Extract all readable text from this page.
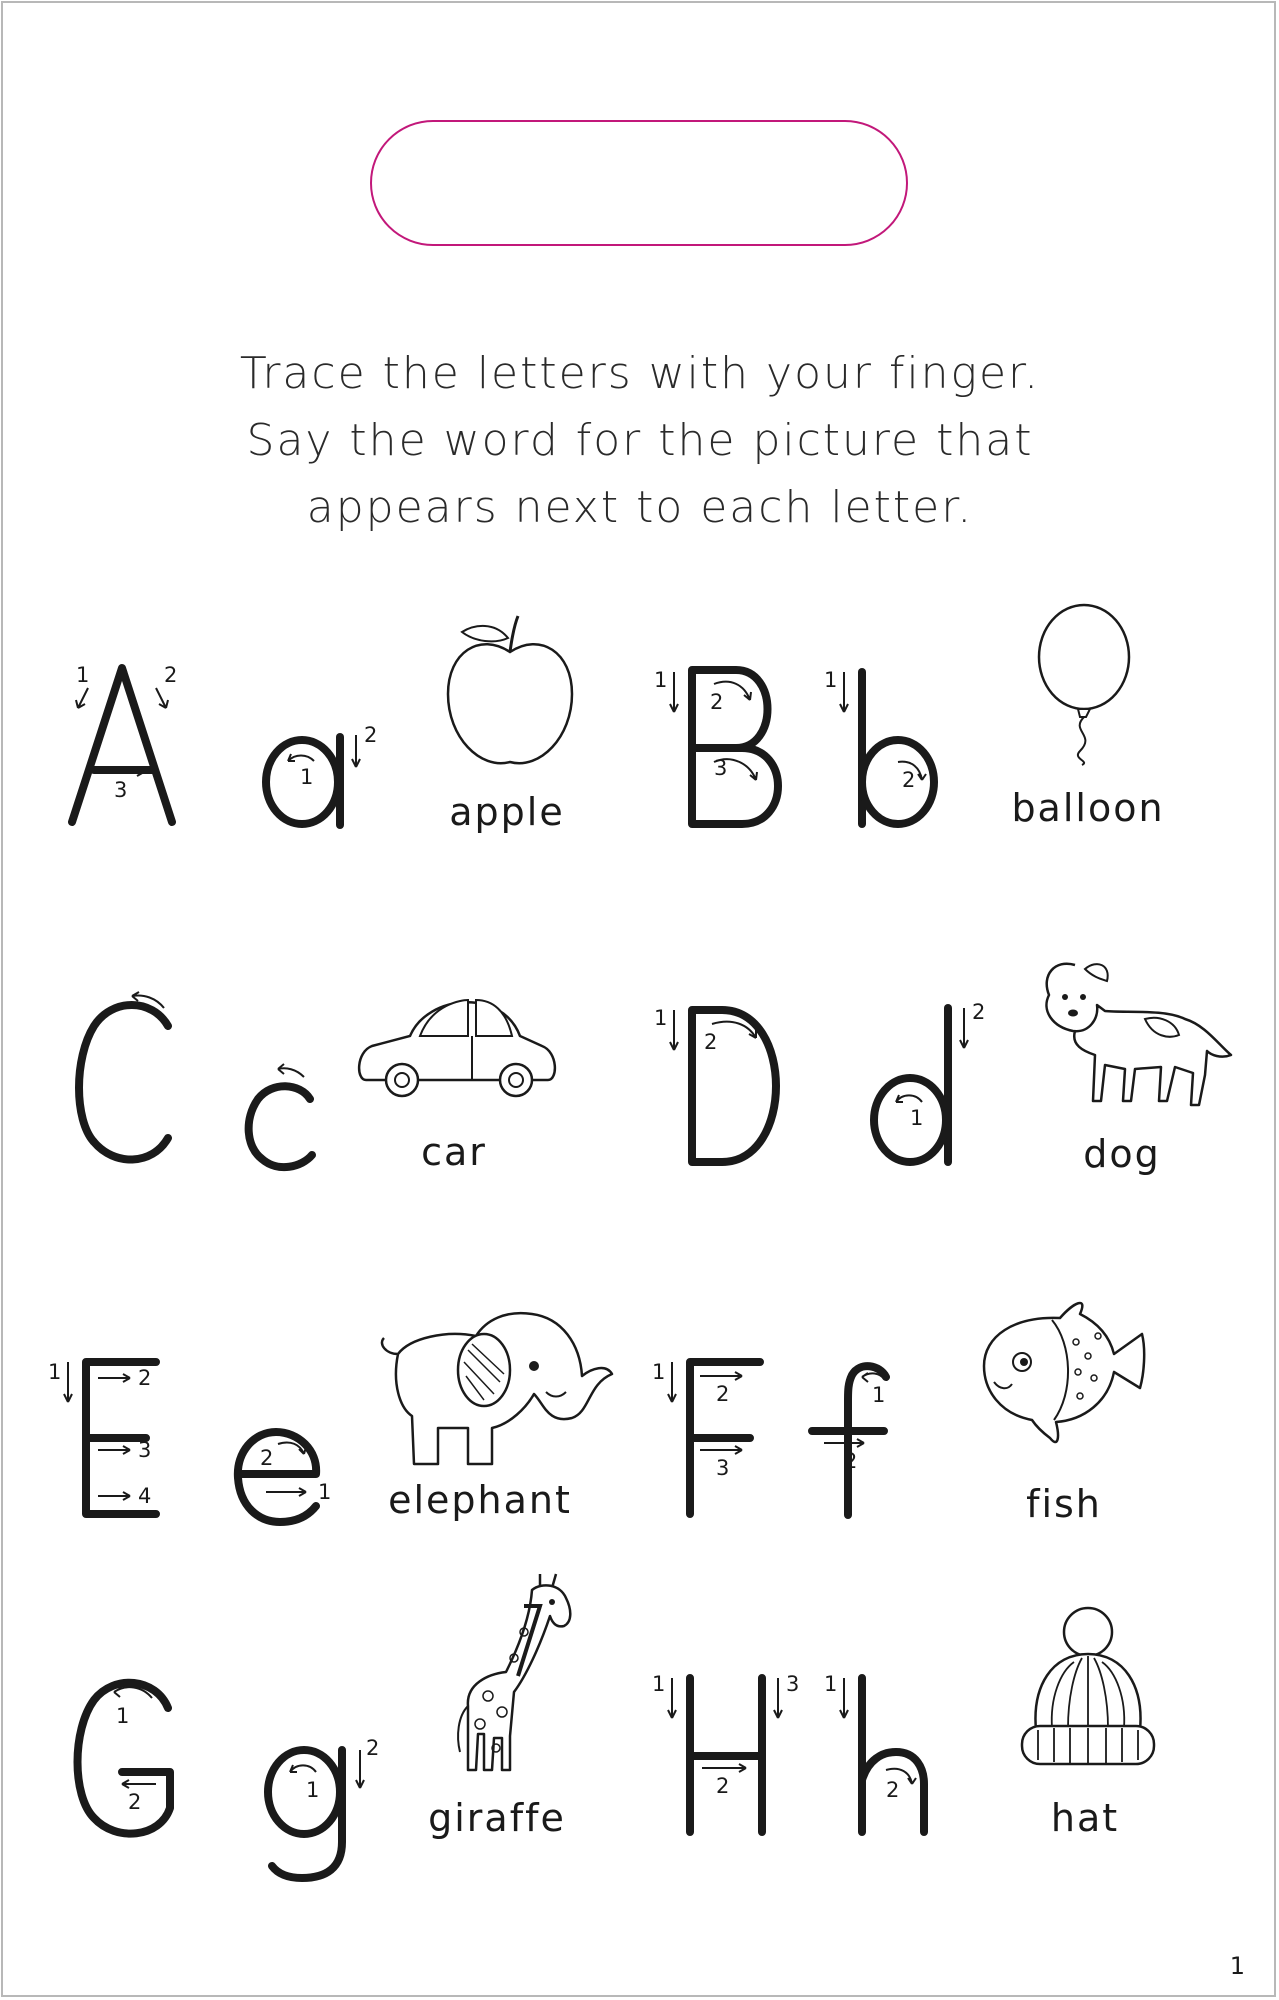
Trace the letters with your finger.
Say the word for the picture that
appears next to each letter.
1	2
3
2
1
apple
1
2
3
1
2
balloon
car
1
2
2
1
dog
1	2
3
4
2
1	elephant
1
2
3
1
2
fish
1
2
2
1
giraffe
1
2
3 1
2
hat
1
